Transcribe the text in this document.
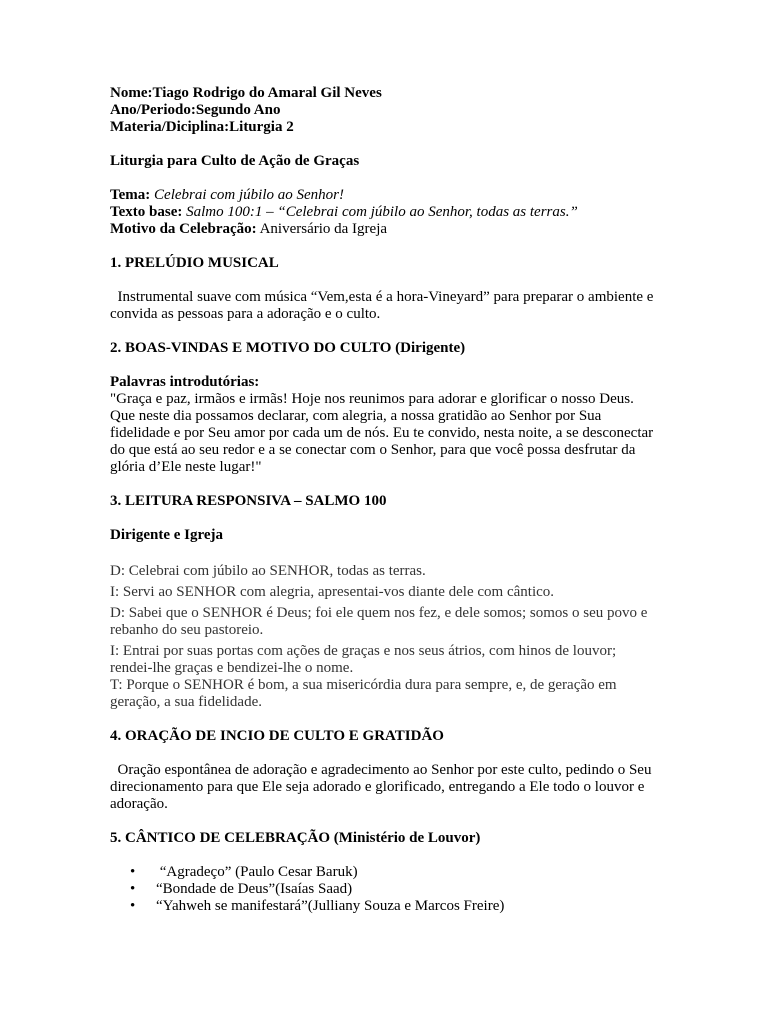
Nome:Tiago Rodrigo do Amaral Gil Neves
Ano/Periodo:Segundo Ano
Materia/Diciplina:Liturgia 2
Liturgia para Culto de Ação de Graças
Tema: Celebrai com júbilo ao Senhor!
Texto base: Salmo 100:1 – “Celebrai com júbilo ao Senhor, todas as terras.”
Motivo da Celebração: Aniversário da Igreja
1. PRELÚDIO MUSICAL
Instrumental suave com música “Vem,esta é a hora-Vineyard” para preparar o ambiente e convida as pessoas para a adoração e o culto.
2. BOAS-VINDAS E MOTIVO DO CULTO (Dirigente)
Palavras introdutórias:
"Graça e paz, irmãos e irmãs! Hoje nos reunimos para adorar e glorificar o nosso Deus. Que neste dia possamos declarar, com alegria, a nossa gratidão ao Senhor por Sua fidelidade e por Seu amor por cada um de nós. Eu te convido, nesta noite, a se desconectar do que está ao seu redor e a se conectar com o Senhor, para que você possa desfrutar da glória d’Ele neste lugar!"
3. LEITURA RESPONSIVA – SALMO 100
Dirigente e Igreja
D: Celebrai com júbilo ao SENHOR, todas as terras.
I: Servi ao SENHOR com alegria, apresentai-vos diante dele com cântico.
D: Sabei que o SENHOR é Deus; foi ele quem nos fez, e dele somos; somos o seu povo e rebanho do seu pastoreio.
I: Entrai por suas portas com ações de graças e nos seus átrios, com hinos de louvor; rendei-lhe graças e bendizei-lhe o nome.
T: Porque o SENHOR é bom, a sua misericórdia dura para sempre, e, de geração em geração, a sua fidelidade.
4. ORAÇÃO DE INCIO DE CULTO E GRATIDÃO
Oração espontânea de adoração e agradecimento ao Senhor por este culto, pedindo o Seu direcionamento para que Ele seja adorado e glorificado, entregando a Ele todo o louvor e adoração.
5. CÂNTICO DE CELEBRAÇÃO (Ministério de Louvor)
• “Agradeço” (Paulo Cesar Baruk)
• “Bondade de Deus”(Isaías Saad)
• “Yahweh se manifestará”(Julliany Souza e Marcos Freire)
